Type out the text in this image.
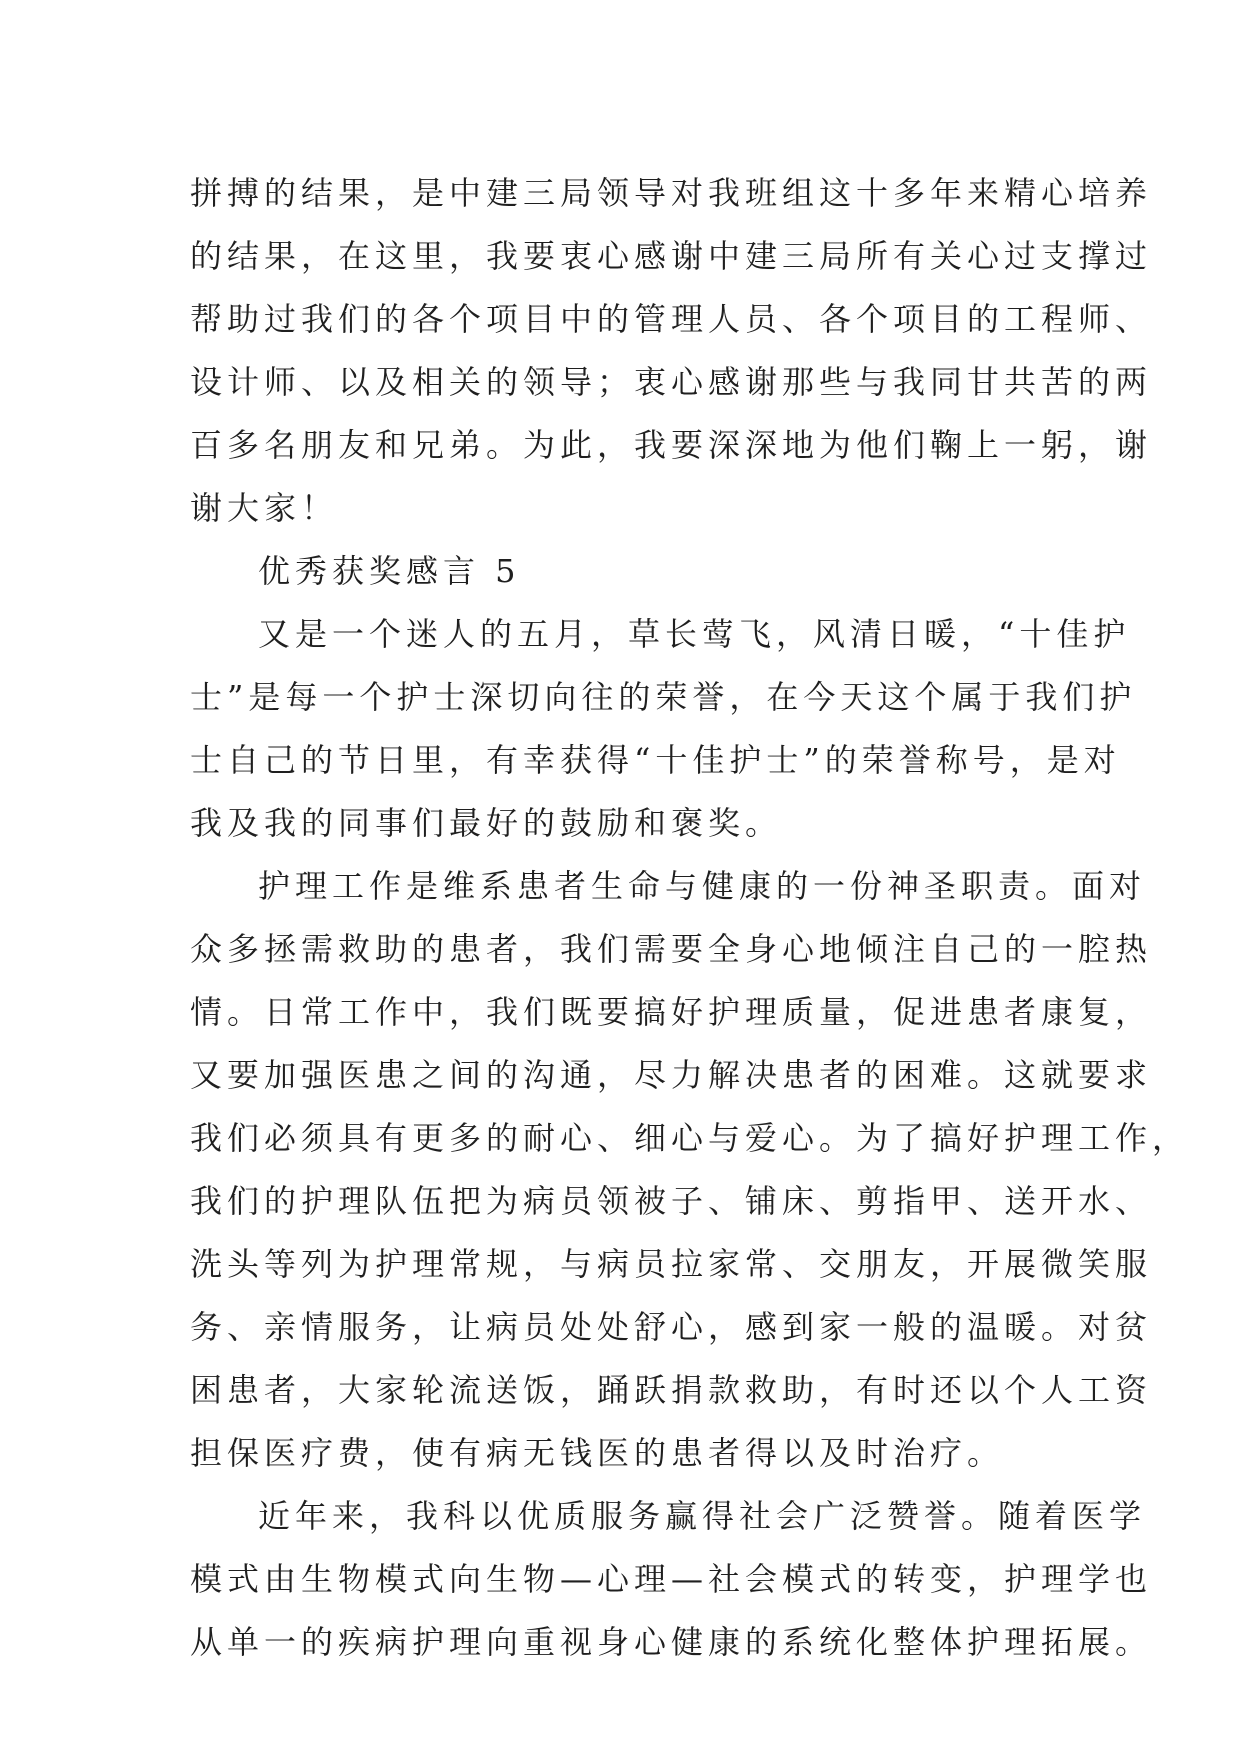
拼搏的结果，是中建三局领导对我班组这十多年来精心培养
的结果，在这里，我要衷心感谢中建三局所有关心过支撑过
帮助过我们的各个项目中的管理人员、各个项目的工程师、
设计师、以及相关的领导；衷心感谢那些与我同甘共苦的两
百多名朋友和兄弟。为此，我要深深地为他们鞠上一躬，谢
谢大家！
优秀获奖感言 5
又是一个迷人的五月，草长莺飞，风清日暖，“十佳护
士”是每一个护士深切向往的荣誉，在今天这个属于我们护
士自己的节日里，有幸获得“十佳护士”的荣誉称号，是对
我及我的同事们最好的鼓励和褒奖。
护理工作是维系患者生命与健康的一份神圣职责。面对
众多拯需救助的患者，我们需要全身心地倾注自己的一腔热
情。日常工作中，我们既要搞好护理质量，促进患者康复，
又要加强医患之间的沟通，尽力解决患者的困难。这就要求
我们必须具有更多的耐心、细心与爱心。为了搞好护理工作，
我们的护理队伍把为病员领被子、铺床、剪指甲、送开水、
洗头等列为护理常规，与病员拉家常、交朋友，开展微笑服
务、亲情服务，让病员处处舒心，感到家一般的温暖。对贫
困患者，大家轮流送饭，踊跃捐款救助，有时还以个人工资
担保医疗费，使有病无钱医的患者得以及时治疗。
近年来，我科以优质服务赢得社会广泛赞誉。随着医学
模式由生物模式向生物—心理—社会模式的转变，护理学也
从单一的疾病护理向重视身心健康的系统化整体护理拓展。
